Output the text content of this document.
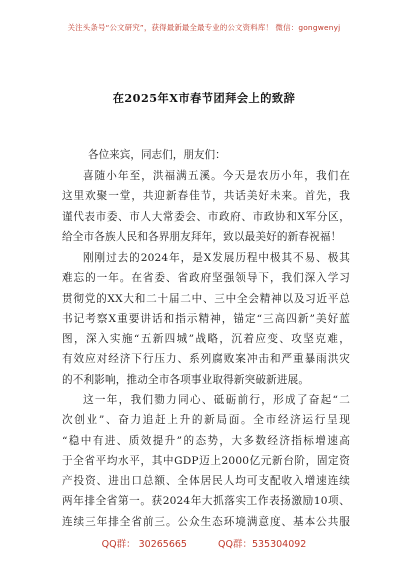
关注头条号“公文研究”，获得最新最全最专业的公文资料库！ 微信：gongwenyj
在2025年X市春节团拜会上的致辞
各位来宾，同志们，朋友们：
喜随小年至，洪福满五溪。今天是农历小年，我们在
这里欢聚一堂，共迎新春佳节，共话美好未来。首先，我
谨代表市委、市人大常委会、市政府、市政协和X军分区，
给全市各族人民和各界朋友拜年，致以最美好的新春祝福！
刚刚过去的2024年，是X发展历程中极其不易、极其
难忘的一年。在省委、省政府坚强领导下，我们深入学习
贯彻党的XX大和二十届二中、三中全会精神以及习近平总
书记考察X重要讲话和指示精神，锚定“三高四新”美好蓝
图，深入实施“五新四城”战略，沉着应变、攻坚克难，
有效应对经济下行压力、系列腐败案冲击和严重暴雨洪灾
的不利影响，推动全市各项事业取得新突破新进展。
这一年，我们勠力同心、砥砺前行，形成了奋起“二
次创业”、奋力追赶上升的新局面。全市经济运行呈现
“稳中有进、质效提升”的态势，大多数经济指标增速高
于全省平均水平，其中GDP迈上2000亿元新台阶，固定资
产投资、进出口总额、全体居民人均可支配收入增速连续
两年排全省第一。获2024年大抓落实工作表扬激励10项、
连续三年排全省前三。公众生态环境满意度、基本公共服
QQ群： 30265665	QQ群：535304092
